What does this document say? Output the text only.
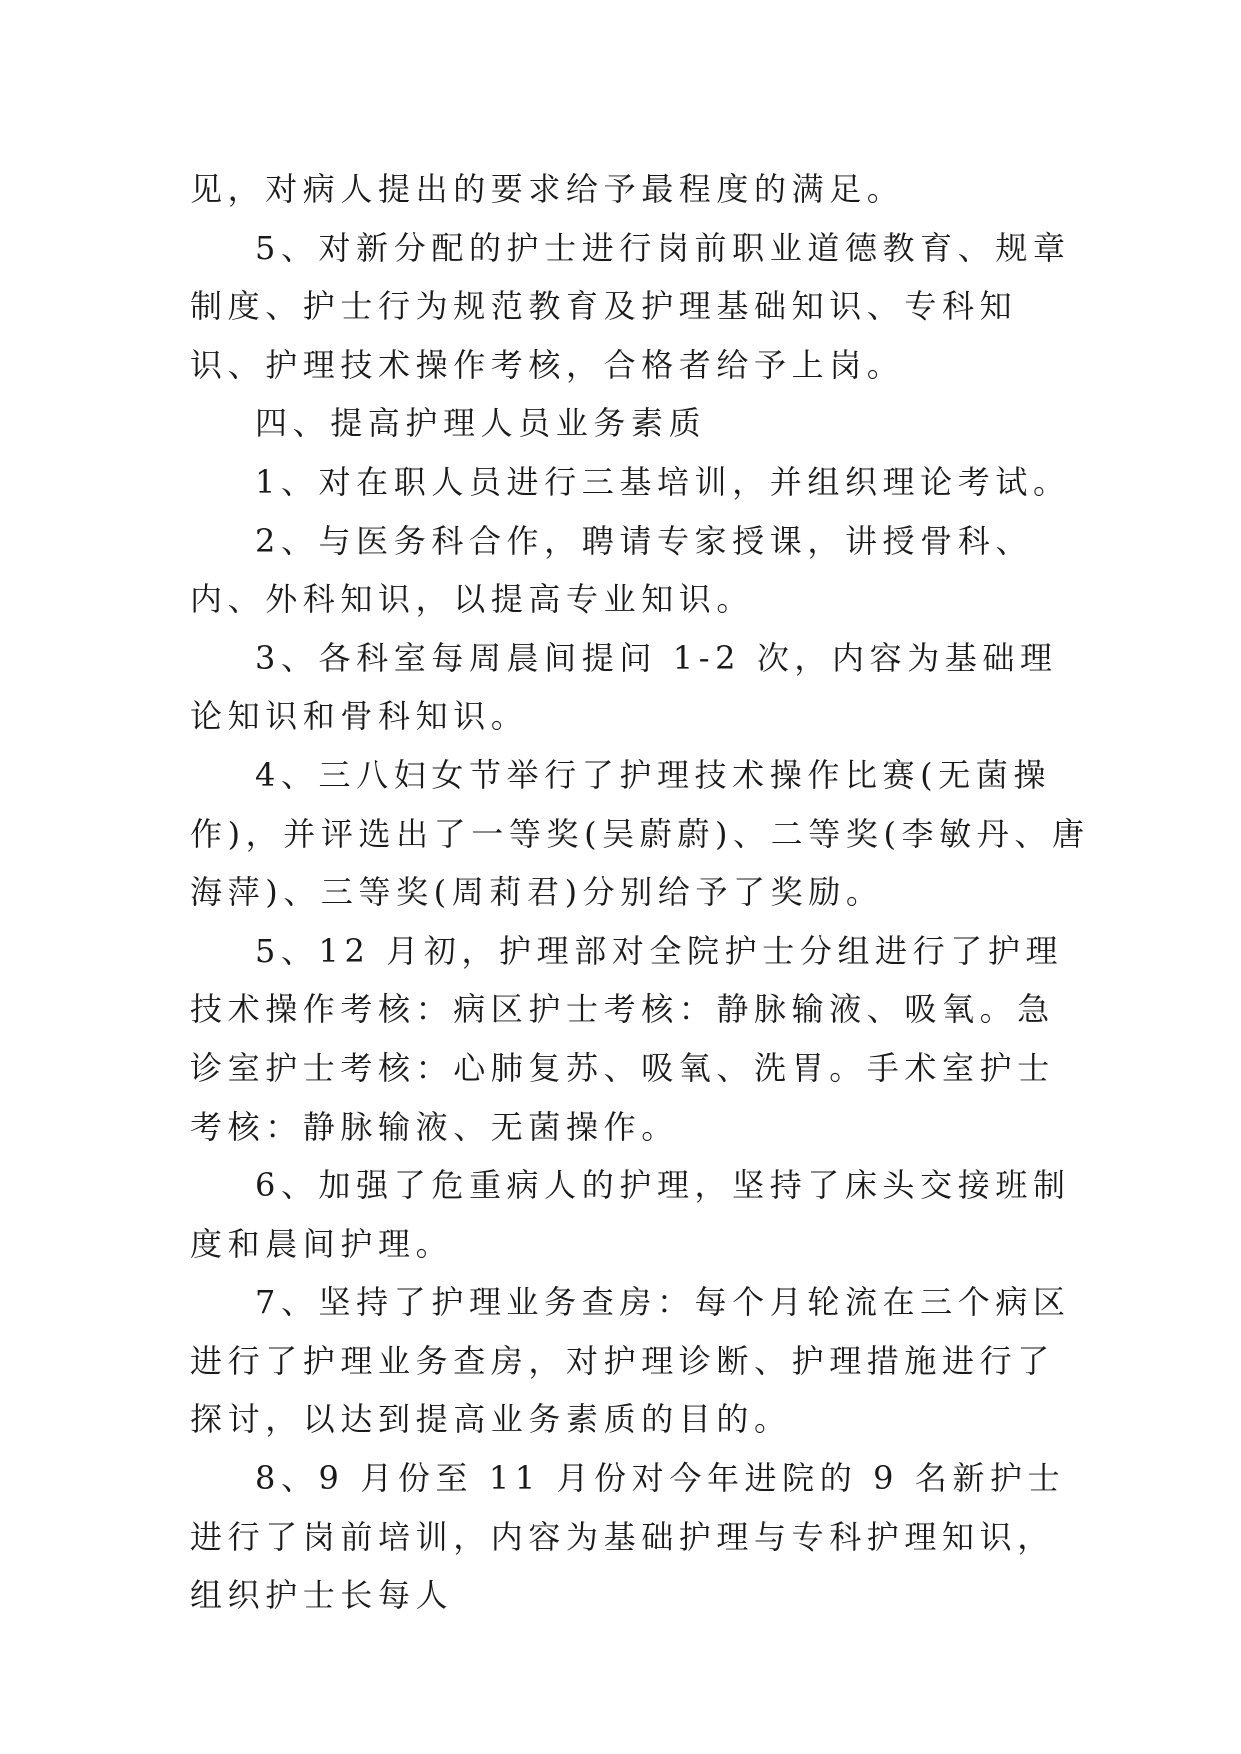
见，对病人提出的要求给予最程度的满足。

5、对新分配的护士进行岗前职业道德教育、规章制度、护士行为规范教育及护理基础知识、专科知识、护理技术操作考核，合格者给予上岗。

四、提高护理人员业务素质

1、对在职人员进行三基培训，并组织理论考试。

2、与医务科合作，聘请专家授课，讲授骨科、内、外科知识，以提高专业知识。

3、各科室每周晨间提问 1-2 次，内容为基础理论知识和骨科知识。

4、三八妇女节举行了护理技术操作比赛(无菌操作)，并评选出了一等奖(吴蔚蔚)、二等奖(李敏丹、唐海萍)、三等奖(周莉君)分别给予了奖励。

5、12 月初，护理部对全院护士分组进行了护理技术操作考核：病区护士考核：静脉输液、吸氧。急诊室护士考核：心肺复苏、吸氧、洗胃。手术室护士考核：静脉输液、无菌操作。

6、加强了危重病人的护理，坚持了床头交接班制度和晨间护理。

7、坚持了护理业务查房：每个月轮流在三个病区进行了护理业务查房，对护理诊断、护理措施进行了探讨，以达到提高业务素质的目的。

8、9 月份至 11 月份对今年进院的 9 名新护士进行了岗前培训，内容为基础护理与专科护理知识，组织护士长每人
